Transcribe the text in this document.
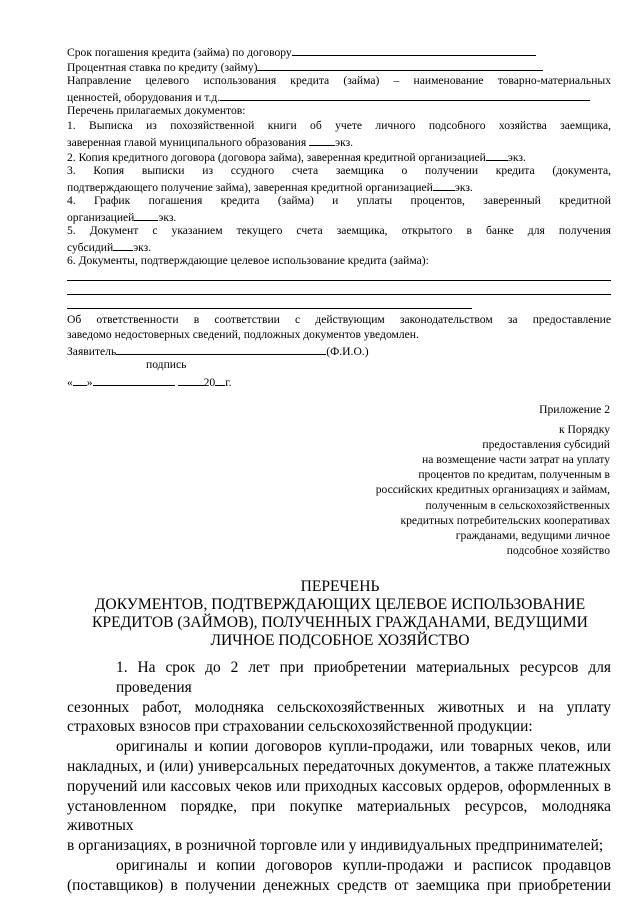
Срок погашения кредита (займа) по договору
Процентная ставка по кредиту (займу)
Направление целевого использования кредита (займа) – наименование товарно-материальных
ценностей, оборудования и т.д.
Перечень прилагаемых документов:
1. Выписка из похозяйственной книги об учете личного подсобного хозяйства заемщика,
заверенная главой муниципального образования экз.
2. Копия кредитного договора (договора займа), заверенная кредитной организацией экз.
3. Копия выписки из ссудного счета заемщика о получении кредита (документа,
подтверждающего получение займа), заверенная кредитной организацией экз.
4. График погашения кредита (займа) и уплаты процентов, заверенный кредитной
организацией экз.
5. Документ с указанием текущего счета заемщика, открытого в банке для получения
субсидий экз.
6. Документы, подтверждающие целевое использование кредита (займа):
Об ответственности в соответствии с действующим законодательством за предоставление
заведомо недостоверных сведений, подложных документов уведомлен.
Заявитель	(Ф.И.О.)
подпись
« »	20 г.
Приложение 2
к Порядку
предоставления субсидий
на возмещение части затрат на уплату
процентов по кредитам, полученным в
российских кредитных организациях и займам,
полученным в сельскохозяйственных
кредитных потребительских кооперативах
гражданами, ведущими личное
подсобное хозяйство
ПЕРЕЧЕНЬ
ДОКУМЕНТОВ, ПОДТВЕРЖДАЮЩИХ ЦЕЛЕВОЕ ИСПОЛЬЗОВАНИЕ
КРЕДИТОВ (ЗАЙМОВ), ПОЛУЧЕННЫХ ГРАЖДАНАМИ, ВЕДУЩИМИ
ЛИЧНОЕ ПОДСОБНОЕ ХОЗЯЙСТВО
1. На срок до 2 лет при приобретении материальных ресурсов для проведения
сезонных работ, молодняка сельскохозяйственных животных и на уплату
страховых взносов при страховании сельскохозяйственной продукции:
оригиналы и копии договоров купли-продажи, или товарных чеков, или
накладных, и (или) универсальных передаточных документов, а также платежных
поручений или кассовых чеков или приходных кассовых ордеров, оформленных в
установленном порядке, при покупке материальных ресурсов, молодняка животных
в организациях, в розничной торговле или у индивидуальных предпринимателей;
оригиналы и копии договоров купли-продажи и расписок продавцов
(поставщиков) в получении денежных средств от заемщика при приобретении
